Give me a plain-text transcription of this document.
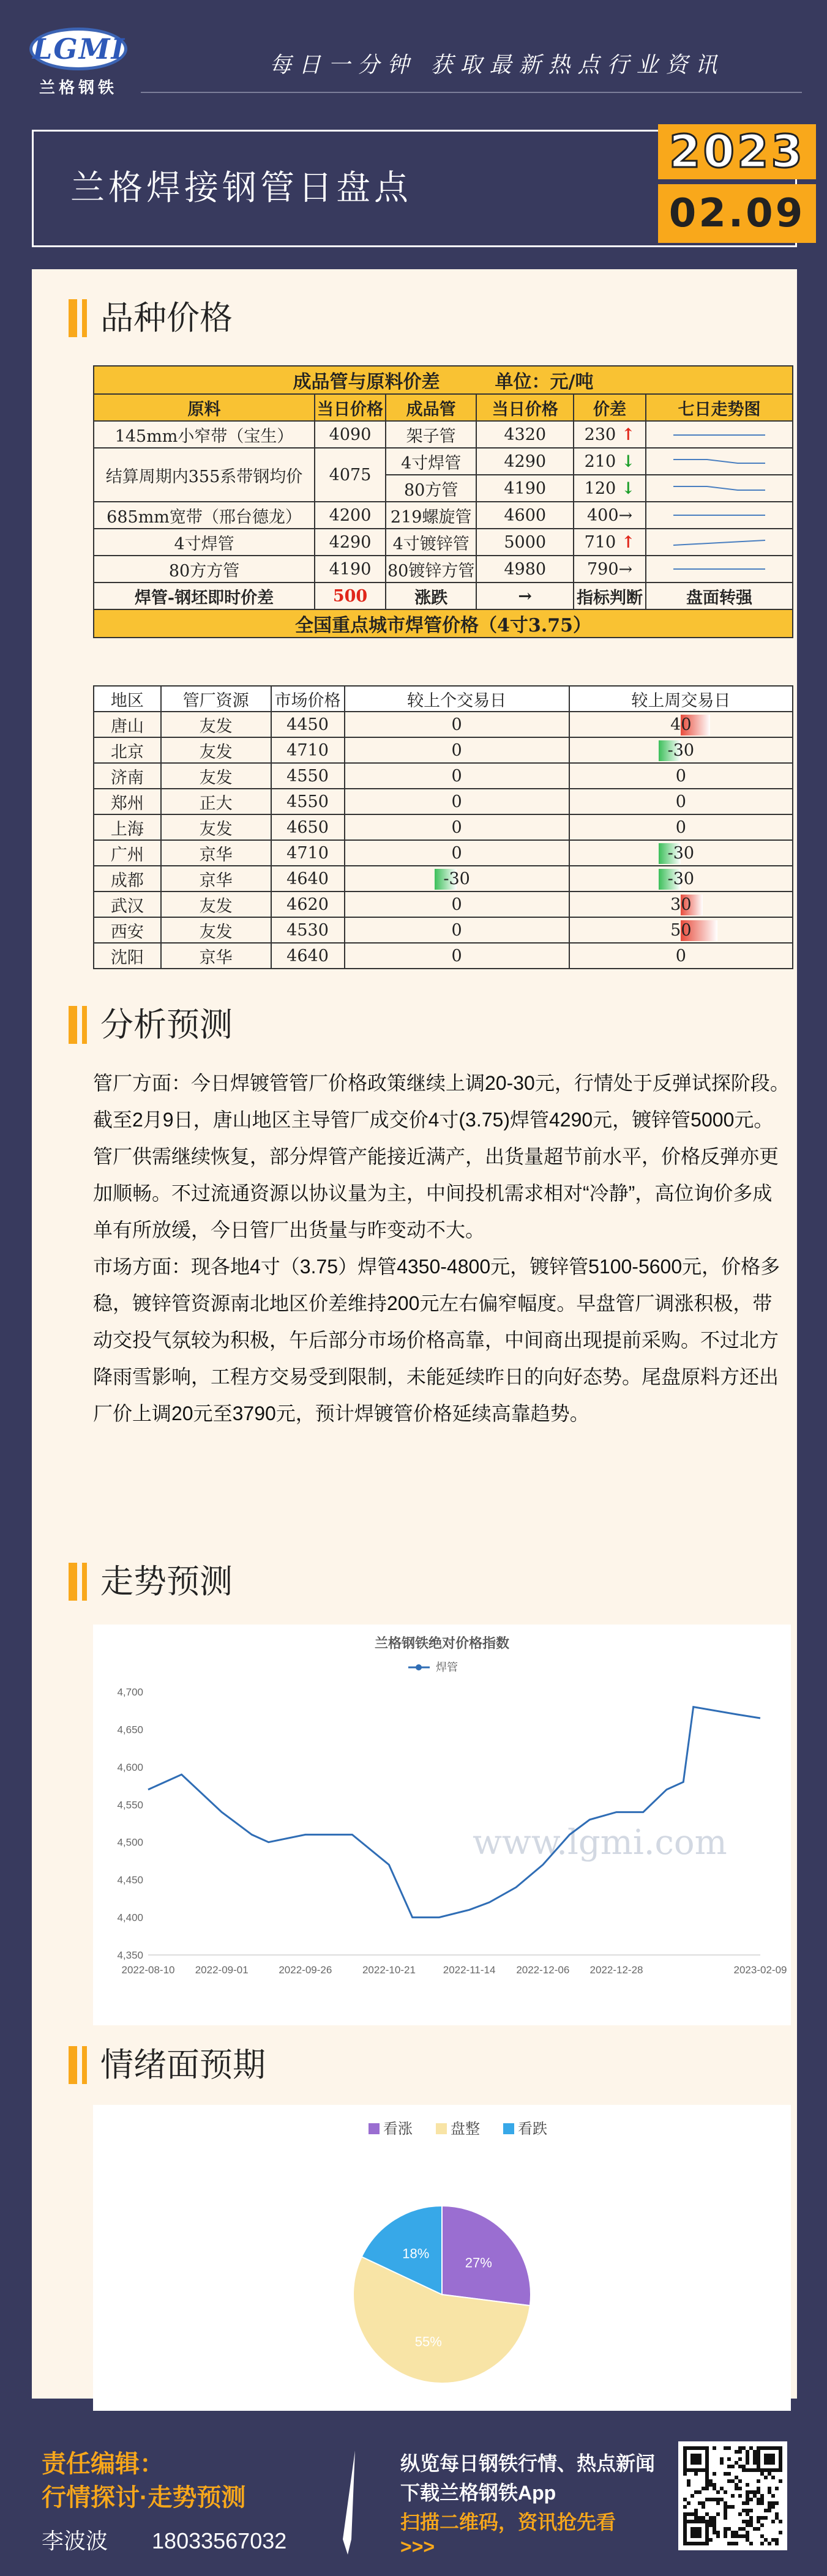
LGMI
兰格钢铁
每日一分钟 获取最新热点行业资讯
兰格焊接钢管日盘点
2023
02.09
品种价格
成品管与原料价差　　　 单位：元/吨					
原料	当日价格	成品管	当日价格	价差	七日走势图
145mm小窄带（宝生）	4090	架子管	4320	230 ↑	

结算周期内355系带钢均价	4075	4寸焊管	4290	210 ↓	

		80方管	4190	120 ↓	

685mm宽带（邢台德龙）	4200	219螺旋管	4600	400→	

4寸焊管	4290	4寸镀锌管	5000	710 ↑	

80方方管	4190	80镀锌方管	4980	790→	

焊管-钢坯即时价差	500	涨跌	→	指标判断	盘面转强
全国重点城市焊管价格（4寸3.75）					
地区	管厂资源	市场价格	较上个交易日	较上周交易日
唐山	友发	4450	0	40
北京	友发	4710	0	-30
济南	友发	4550	0	0
郑州	正大	4550	0	0
上海	友发	4650	0	0
广州	京华	4710	0	-30
成都	京华	4640	-30	-30
武汉	友发	4620	0	30
西安	友发	4530	0	50
沈阳	京华	4640	0	0
分析预测

管厂方面：今日焊镀管管厂价格政策继续上调20-30元，行情处于反弹试探阶段。截至2月9日，唐山地区主导管厂成交价4寸(3.75)焊管4290元，镀锌管5000元。管厂供需继续恢复，部分焊管产能接近满产，出货量超节前水平，价格反弹亦更加顺畅。不过流通资源以协议量为主，中间投机需求相对“冷静”，高位询价多成单有所放缓，今日管厂出货量与昨变动不大。

市场方面：现各地4寸（3.75）焊管4350-4800元，镀锌管5100-5600元，价格多稳，镀锌管资源南北地区价差维持200元左右偏窄幅度。早盘管厂调涨积极，带动交投气氛较为积极，午后部分市场价格高靠，中间商出现提前采购。不过北方降雨雪影响，工程方交易受到限制，未能延续昨日的向好态势。尾盘原料方还出厂价上调20元至3790元，预计焊镀管价格延续高靠趋势。

走势预测
兰格钢铁绝对价格指数
焊管
4,350
4,400
4,450
4,500
4,550
4,600
4,650
4,700
2022-08-10 2022-09-01	2022-09-26	2022-10-21	2022-11-14 2022-12-06 2022-12-28	2023-02-09
www.lgmi.com
情绪面预期
看涨	盘整	看跌
27%
55%
18%
责任编辑：
行情探讨·走势预测
李波波　　 18033567032
纵览每日钢铁行情、热点新闻
下载兰格钢铁App
扫描二维码，资讯抢先看
>>>
